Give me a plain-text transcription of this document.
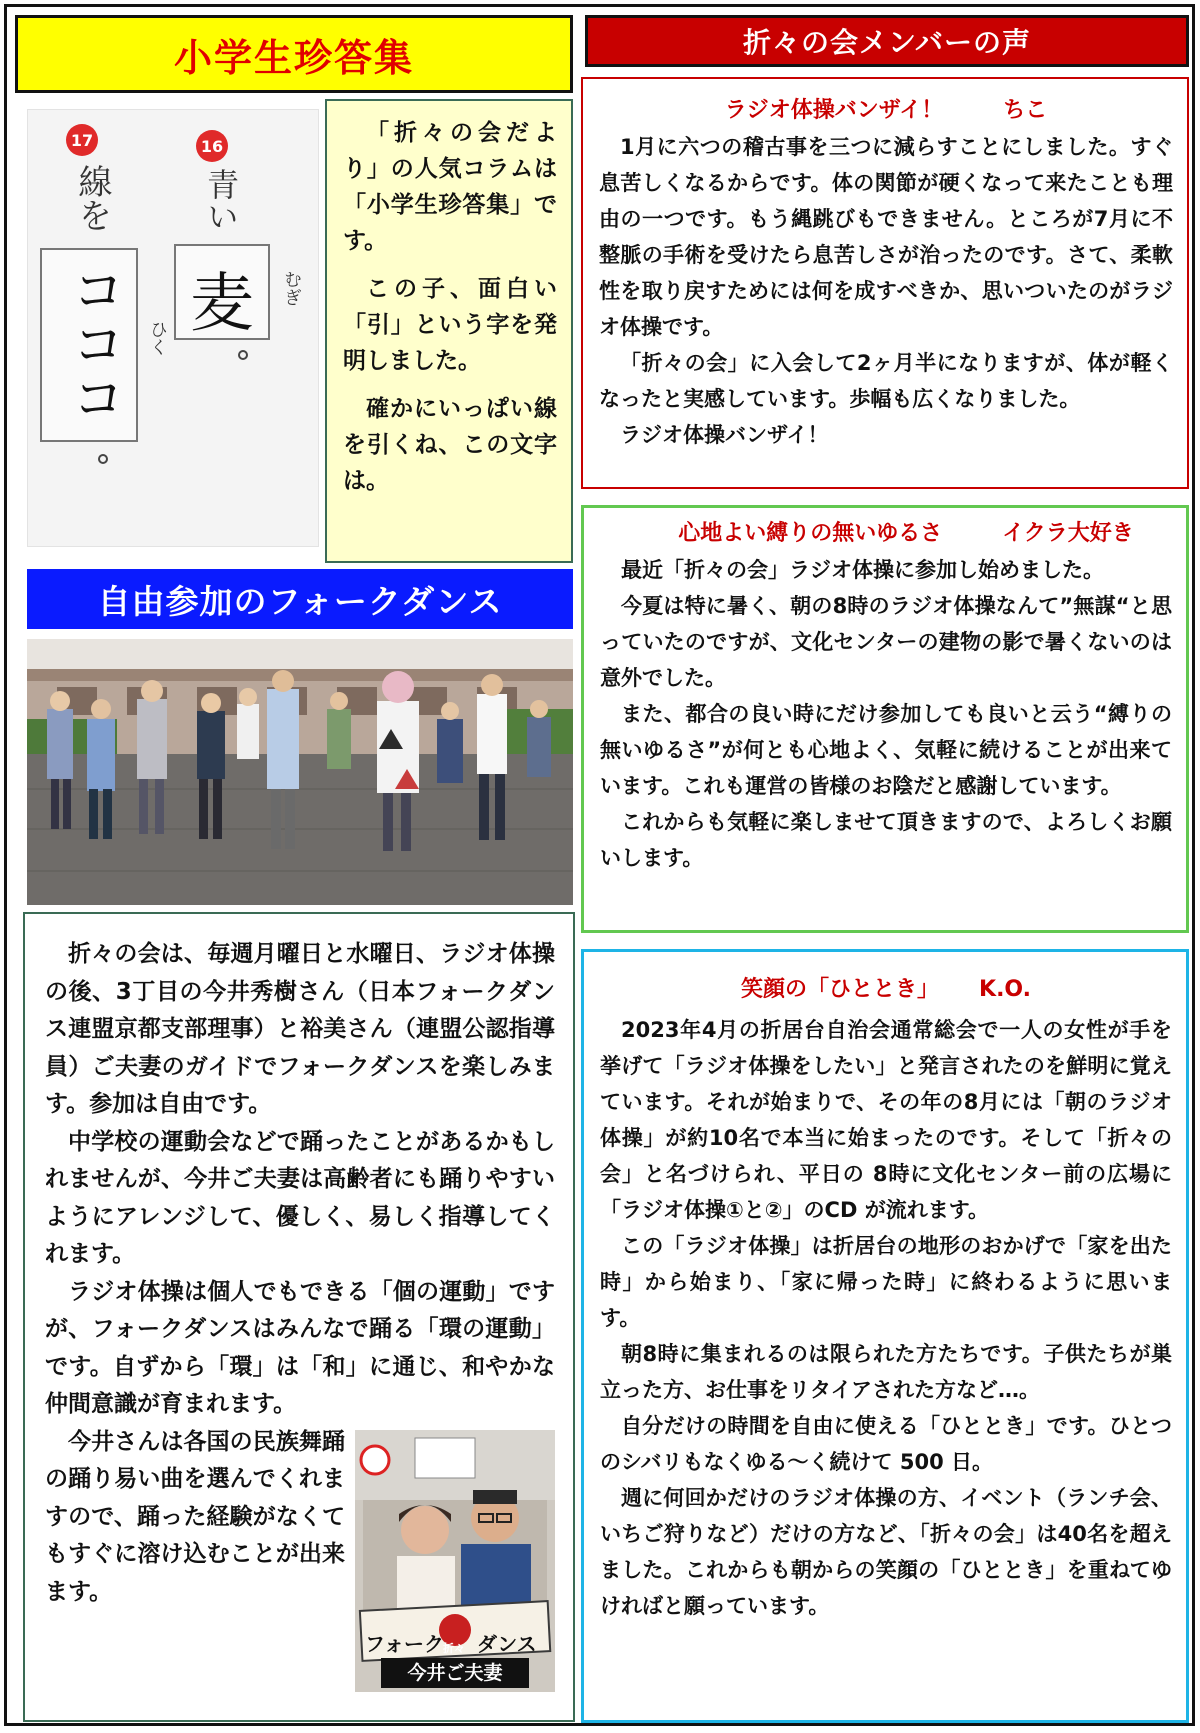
小学生珍答集
17	16
線を	青い
コココ 麦 むぎ
ひく

「折々の会だより」の人気コラムは「小学生珍答集」です。

この子、面白い「引」という字を発明しました。

確かにいっぱい線を引くね、この文字は。

自由参加のフォークダンス

折々の会は、毎週月曜日と水曜日、ラジオ体操の後、3丁目の今井秀樹さん（日本フォークダンス連盟京都支部理事）と裕美さん（連盟公認指導員）ご夫妻のガイドでフォークダンスを楽しみます。参加は自由です。

中学校の運動会などで踊ったことがあるかもしれませんが、今井ご夫妻は高齢者にも踊りやすいようにアレンジして、優しく、易しく指導してくれます。

ラジオ体操は個人でもできる「個の運動」ですが、フォークダンスはみんなで踊る「環の運動」です。自ずから「環」は「和」に通じ、和やかな仲間意識が育まれます。

フォーク 折々 ダンス
今井ご夫妻

今井さんは各国の民族舞踊の踊り易い曲を選んでくれますので、踊った経験がなくてもすぐに溶け込むことが出来ます。

折々の会メンバーの声
ラジオ体操バンザイ！	ちこ

1月に六つの稽古事を三つに減らすことにしました。すぐ息苦しくなるからです。体の関節が硬くなって来たことも理由の一つです。もう縄跳びもできません。ところが7月に不整脈の手術を受けたら息苦しさが治ったのです。さて、柔軟性を取り戻すためには何を成すべきか、思いついたのがラジオ体操です。

「折々の会」に入会して2ヶ月半になりますが、体が軽くなったと実感しています。歩幅も広くなりました。

ラジオ体操バンザイ！

心地よい縛りの無いゆるさ	イクラ大好き

最近「折々の会」ラジオ体操に参加し始めました。

今夏は特に暑く、朝の8時のラジオ体操なんて”無謀“と思っていたのですが、文化センターの建物の影で暑くないのは意外でした。

また、都合の良い時にだけ参加しても良いと云う“縛りの無いゆるさ”が何とも心地よく、気軽に続けることが出来ています。これも運営の皆様のお陰だと感謝しています。

これからも気軽に楽しませて頂きますので、よろしくお願いします。

笑顔の「ひととき」 K.O.

2023年4月の折居台自治会通常総会で一人の女性が手を挙げて「ラジオ体操をしたい」と発言されたのを鮮明に覚えています。それが始まりで、その年の8月には「朝のラジオ体操」が約10名で本当に始まったのです。そして「折々の会」と名づけられ、平日の 8時に文化センター前の広場に「ラジオ体操①と②」のCD が流れます。

この「ラジオ体操」は折居台の地形のおかげで「家を出た時」から始まり、「家に帰った時」に終わるように思います。

朝8時に集まれるのは限られた方たちです。子供たちが巣立った方、お仕事をリタイアされた方など…。

自分だけの時間を自由に使える「ひととき」です。ひとつのシバリもなくゆる～く続けて 500 日。

週に何回かだけのラジオ体操の方、イベント（ランチ会、いちご狩りなど）だけの方など、「折々の会」は40名を超えました。これからも朝からの笑顔の「ひととき」を重ねてゆければと願っています。
